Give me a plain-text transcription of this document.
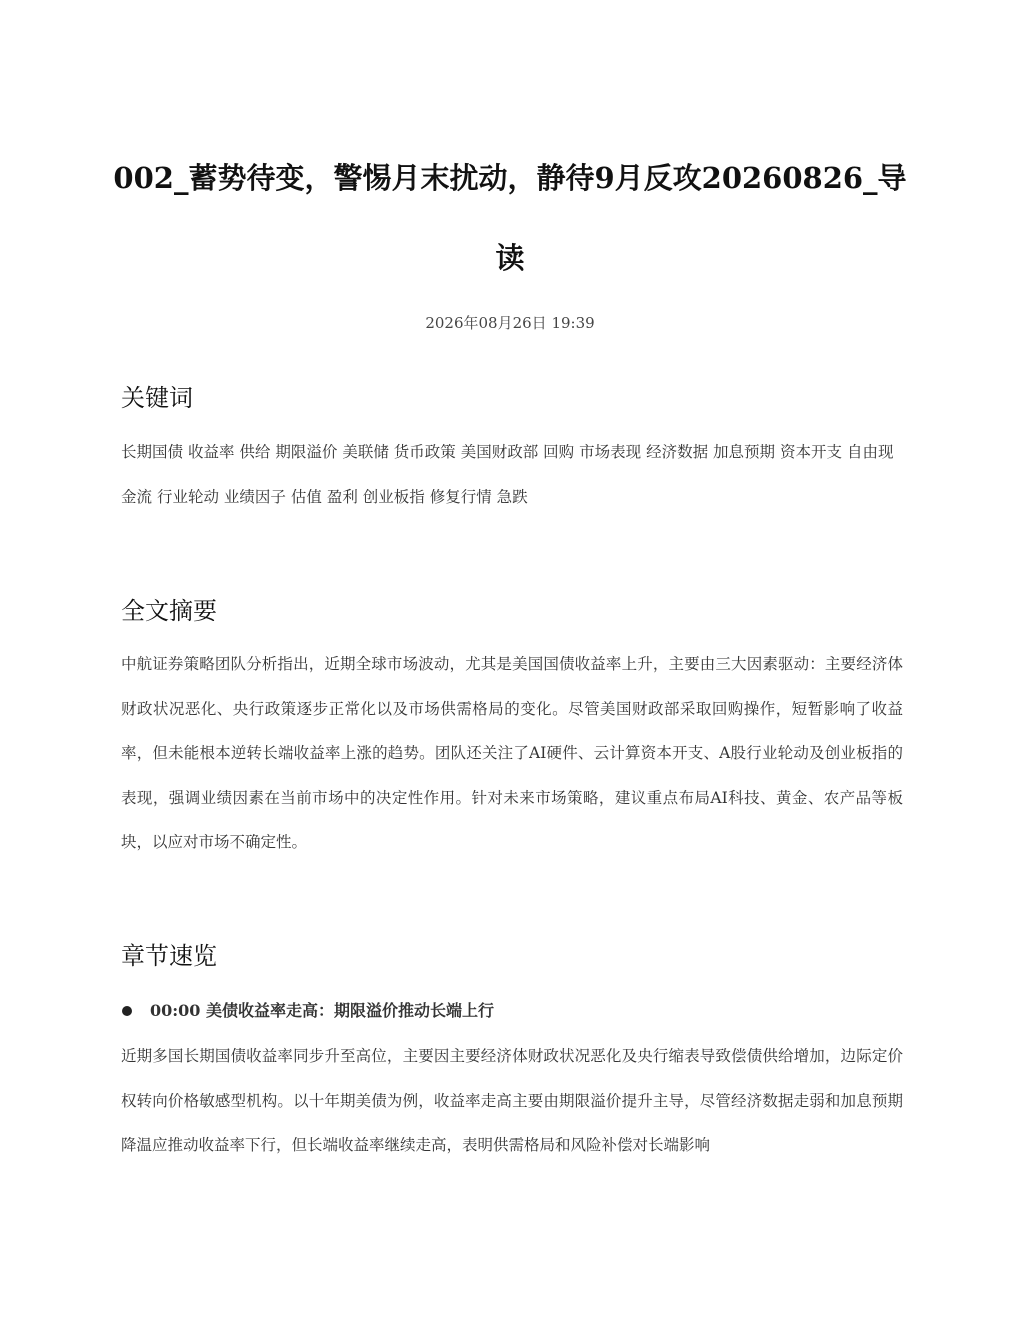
002_蓄势待变，警惕月末扰动，静待9月反攻20260826_导读
2026年08月26日 19:39
关键词
长期国债 收益率 供给 期限溢价 美联储 货币政策 美国财政部 回购 市场表现 经济数据 加息预期 资本开支 自由现金流 行业轮动 业绩因子 估值 盈利 创业板指 修复行情 急跌
全文摘要

中航证券策略团队分析指出，近期全球市场波动，尤其是美国国债收益率上升，主要由三大因素驱动：主要经济体财政状况恶化、央行政策逐步正常化以及市场供需格局的变化。尽管美国财政部采取回购操作，短暂影响了收益率，但未能根本逆转长端收益率上涨的趋势。团队还关注了AI硬件、云计算资本开支、A股行业轮动及创业板指的表现，强调业绩因素在当前市场中的决定性作用。针对未来市场策略，建议重点布局AI科技、黄金、农产品等板块，以应对市场不确定性。

章节速览
00:00 美债收益率走高：期限溢价推动长端上行

近期多国长期国债收益率同步升至高位，主要因主要经济体财政状况恶化及央行缩表导致偿债供给增加，边际定价权转向价格敏感型机构。以十年期美债为例，收益率走高主要由期限溢价提升主导，尽管经济数据走弱和加息预期降温应推动收益率下行，但长端收益率继续走高，表明供需格局和风险补偿对长端影响
